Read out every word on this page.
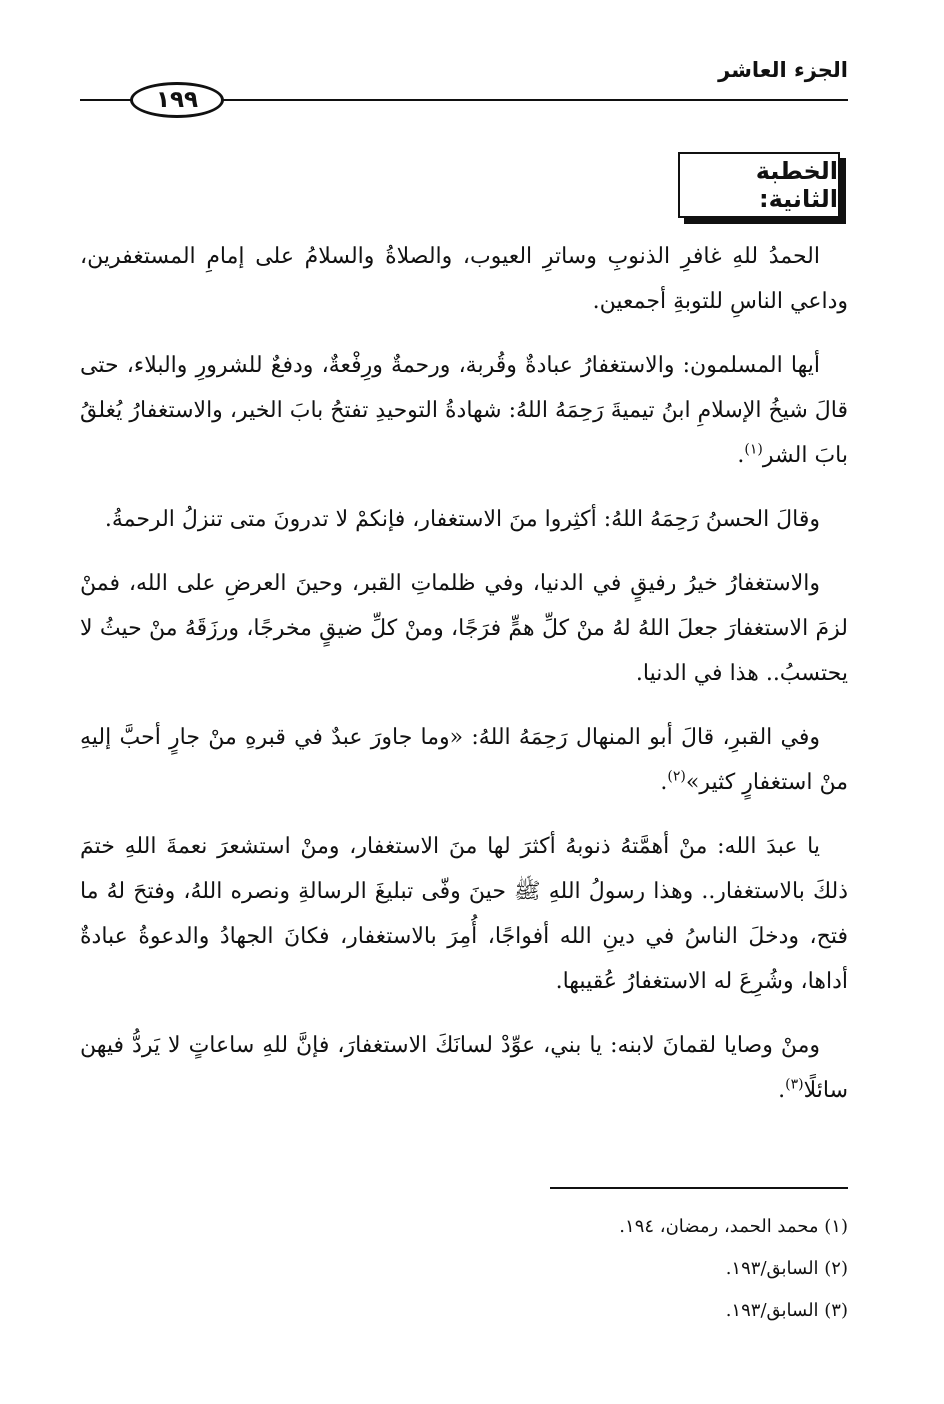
الجزء العاشر
١٩٩
الخطبة الثانية:

الحمدُ للهِ غافرِ الذنوبِ وساترِ العيوب، والصلاةُ والسلامُ على إمامِ المستغفرين، وداعي الناسِ للتوبةِ أجمعين.

أيها المسلمون: والاستغفارُ عبادةٌ وقُربة، ورحمةٌ ورِفْعةٌ، ودفعٌ للشرورِ والبلاء، حتى قالَ شيخُ الإسلامِ ابنُ تيميةَ رَحِمَهُ اللهُ: شهادةُ التوحيدِ تفتحُ بابَ الخير، والاستغفارُ يُغلقُ بابَ الشر$^{(١)}$.

وقالَ الحسنُ رَحِمَهُ اللهُ: أكثِروا منَ الاستغفار، فإنكمْ لا تدرونَ متى تنزلُ الرحمةُ.

والاستغفارُ خيرُ رفيقٍ في الدنيا، وفي ظلماتِ القبر، وحينَ العرضِ على الله، فمنْ لزمَ الاستغفارَ جعلَ اللهُ لهُ منْ كلِّ همٍّ فرَجًا، ومنْ كلِّ ضيقٍ مخرجًا، ورزَقَهُ منْ حيثُ لا يحتسبُ.. هذا في الدنيا.

وفي القبرِ، قالَ أبو المنهال رَحِمَهُ اللهُ: «وما جاورَ عبدٌ في قبرهِ منْ جارٍ أحبَّ إليهِ منْ استغفارٍ كثير»$^{(٢)}$.

يا عبدَ الله: منْ أهمَّتهُ ذنوبهُ أكثرَ لها منَ الاستغفار، ومنْ استشعرَ نعمةَ اللهِ ختمَ ذلكَ بالاستغفار.. وهذا رسولُ اللهِ ﷺ حينَ وفّى تبليغَ الرسالةِ ونصره اللهُ، وفتحَ لهُ ما فتح، ودخلَ الناسُ في دينِ الله أفواجًا، أُمِرَ بالاستغفار، فكانَ الجهادُ والدعوةُ عبادةٌ أداها، وشُرِعَ له الاستغفارُ عُقيبها.

ومنْ وصايا لقمانَ لابنه: يا بني، عوِّدْ لسانَكَ الاستغفارَ، فإنَّ للهِ ساعاتٍ لا يَردُّ فيهن سائلًا$^{(٣)}$.

(١) محمد الحمد، رمضان، ١٩٤.
(٢) السابق/١٩٣.
(٣) السابق/١٩٣.
